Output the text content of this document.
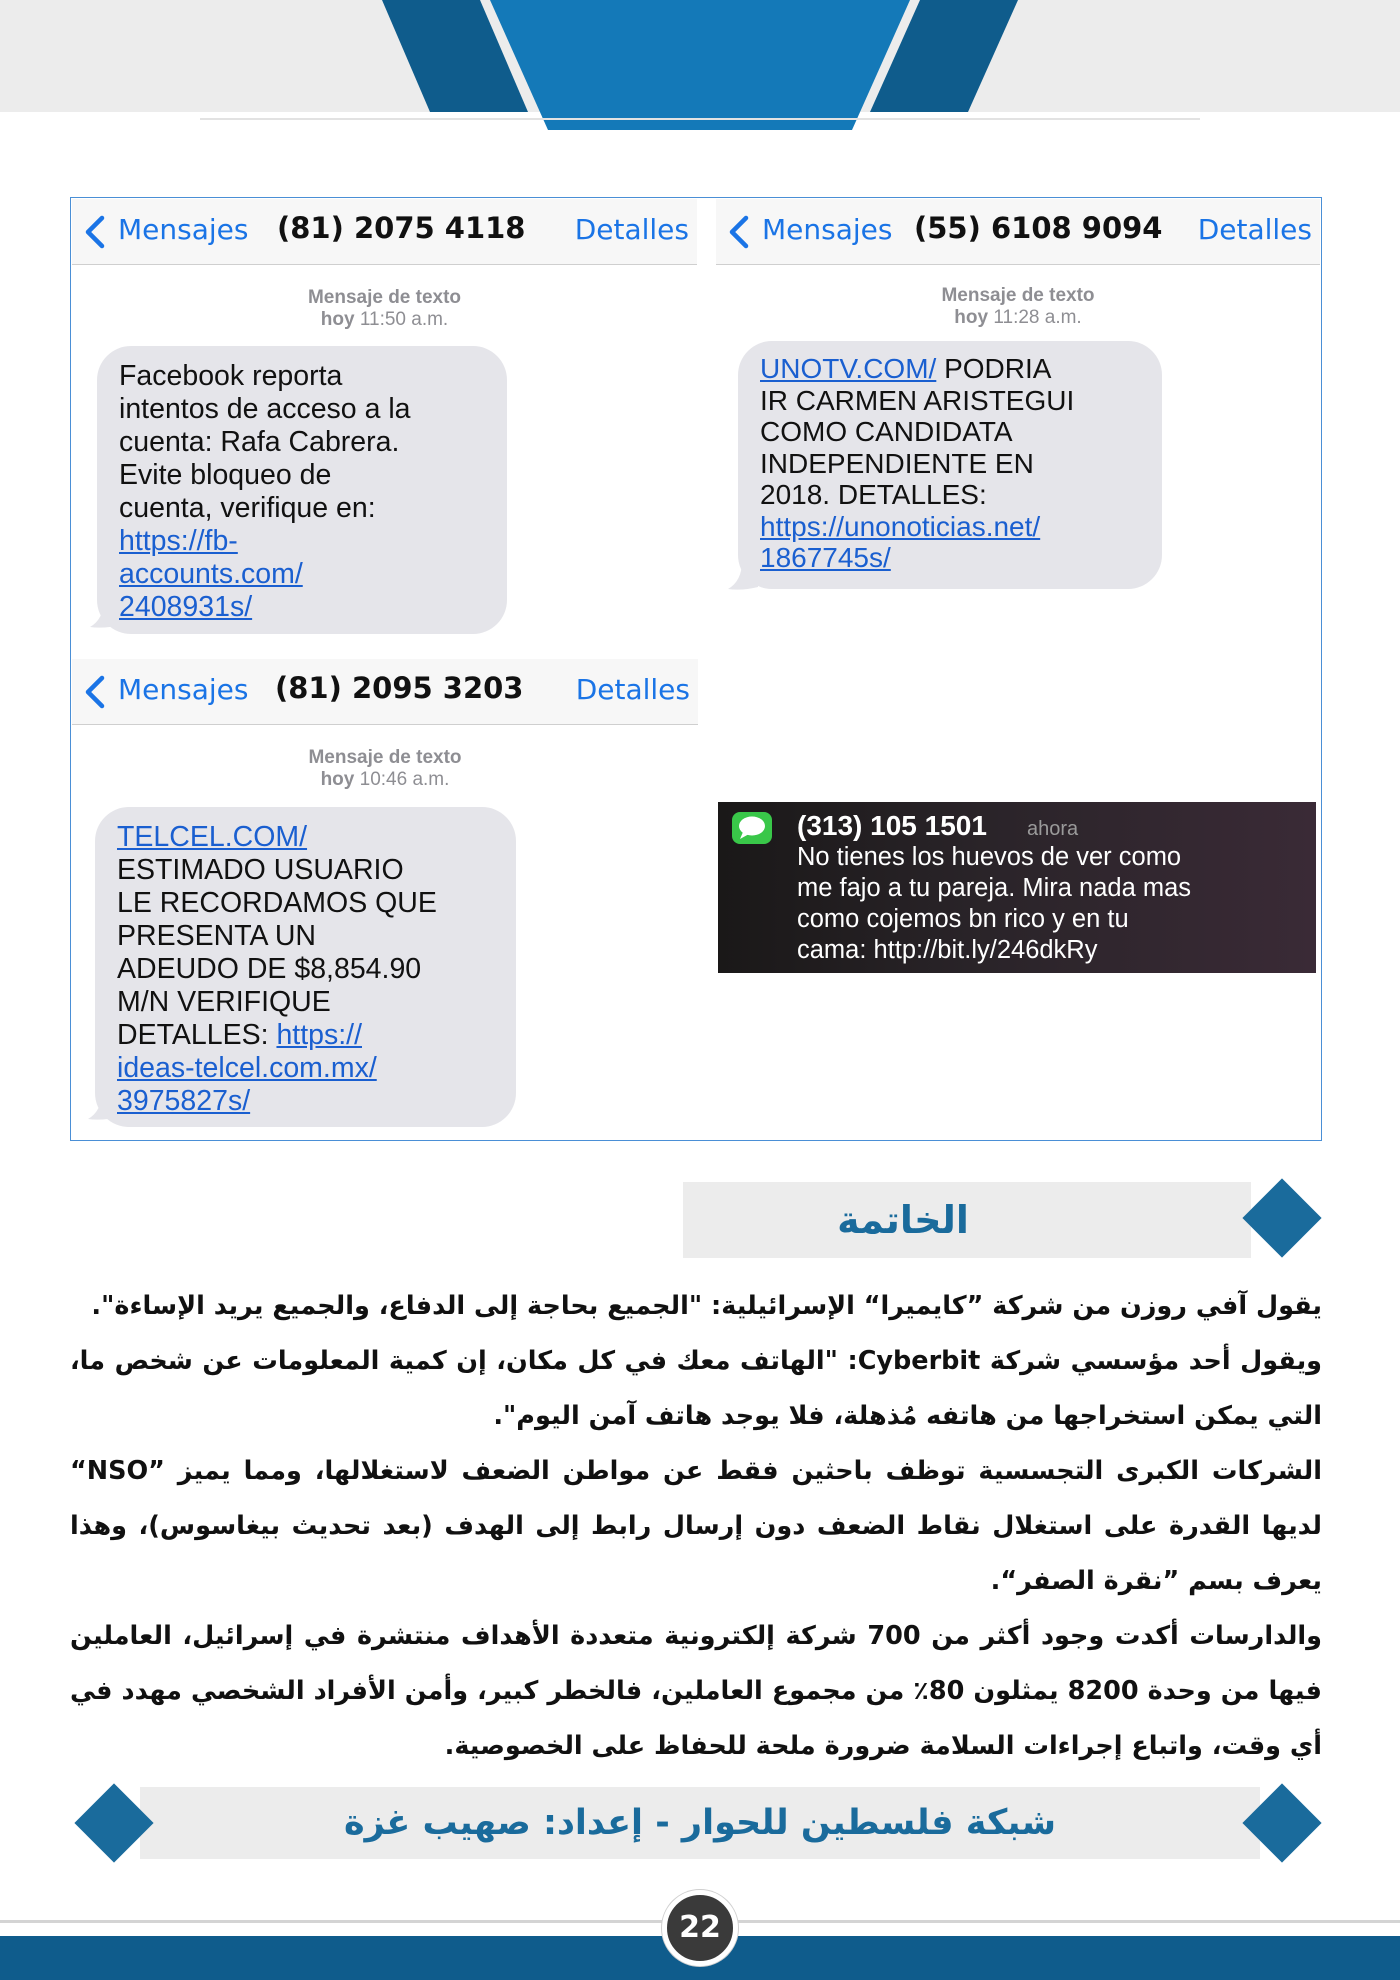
Mensajes (81) 2075 4118 Detalles
Mensaje de texto
hoy 11:50 a.m.
Facebook reporta
intentos de acceso a la
cuenta: Rafa Cabrera.
Evite bloqueo de
cuenta, verifique en:
https://fb-
accounts.com/
2408931s/
Mensajes (55) 6108 9094 Detalles
Mensaje de texto
hoy 11:28 a.m.
UNOTV.COM/ PODRIA
IR CARMEN ARISTEGUI
COMO CANDIDATA
INDEPENDIENTE EN
2018. DETALLES:
https://unonoticias.net/
1867745s/
Mensajes (81) 2095 3203 Detalles
Mensaje de texto
hoy 10:46 a.m.
TELCEL.COM/
ESTIMADO USUARIO
LE RECORDAMOS QUE
PRESENTA UN
ADEUDO DE $8,854.90
M/N VERIFIQUE
DETALLES: https://
ideas-telcel.com.mx/
3975827s/
(313) 105 1501 ahora
No tienes los huevos de ver como
me fajo a tu pareja. Mira nada mas
como cojemos bn rico y en tu
cama: http://bit.ly/246dkRy
الخاتمة

يقول آفي روزن من شركة ”كايميرا“ الإسرائيلية: "الجميع بحاجة إلى الدفاع، والجميع يريد الإساءة".

ويقول أحد مؤسسي شركة Cyberbit: "الهاتف معك في كل مكان، إن كمية المعلومات عن شخص ما، التي يمكن استخراجها من هاتفه مُذهلة، فلا يوجد هاتف آمن اليوم".

الشركات الكبرى التجسسية توظف باحثين فقط عن مواطن الضعف لاستغلالها، ومما يميز ”NSO“ لديها القدرة على استغلال نقاط الضعف دون إرسال رابط إلى الهدف (بعد تحديث بيغاسوس)، وهذا يعرف بسم ”نقرة الصفر“.

والدارسات أكدت وجود أكثر من 700 شركة إلكترونية متعددة الأهداف منتشرة في إسرائيل، العاملين فيها من وحدة 8200 يمثلون 80٪ من مجموع العاملين، فالخطر كبير، وأمن الأفراد الشخصي مهدد في أي وقت، واتباع إجراءات السلامة ضرورة ملحة للحفاظ على الخصوصية.

شبكة فلسطين للحوار - إعداد: صهيب غزة
22
